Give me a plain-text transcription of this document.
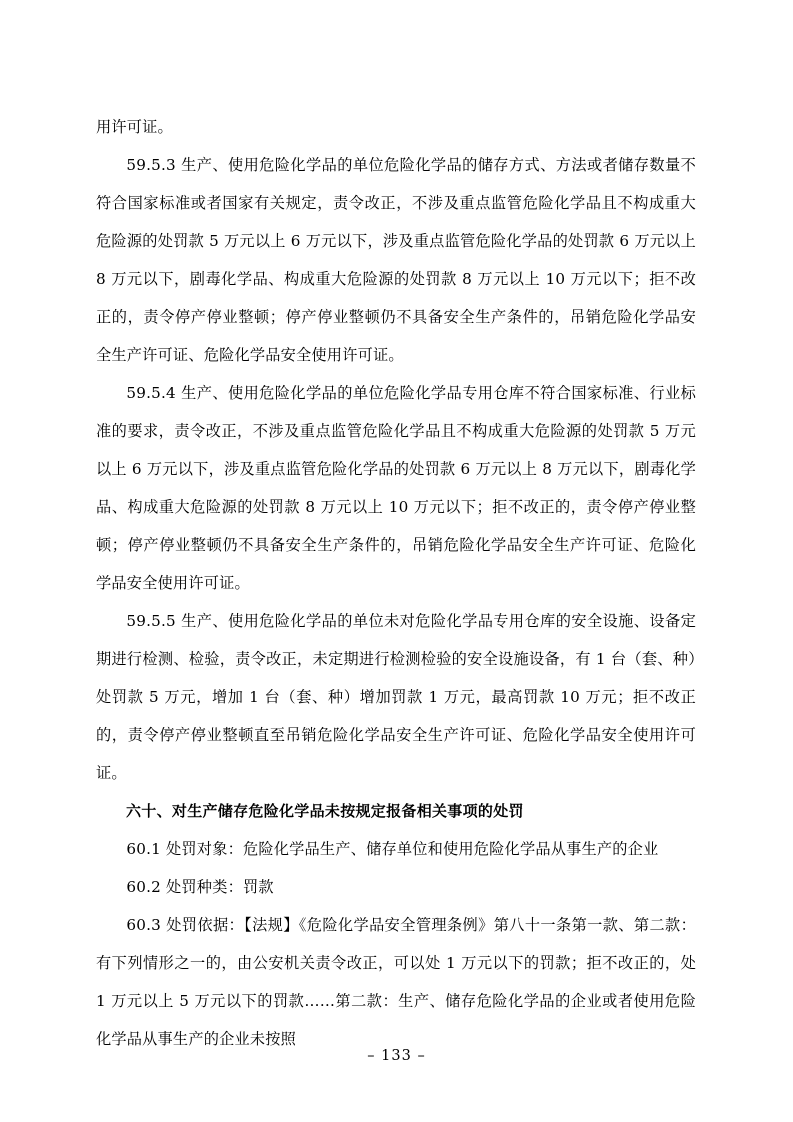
用许可证。

59.5.3 生产、使用危险化学品的单位危险化学品的储存方式、方法或者储存数量不符合国家标准或者国家有关规定，责令改正，不涉及重点监管危险化学品且不构成重大危险源的处罚款 5 万元以上 6 万元以下，涉及重点监管危险化学品的处罚款 6 万元以上 8 万元以下，剧毒化学品、构成重大危险源的处罚款 8 万元以上 10 万元以下；拒不改正的，责令停产停业整顿；停产停业整顿仍不具备安全生产条件的，吊销危险化学品安全生产许可证、危险化学品安全使用许可证。

59.5.4 生产、使用危险化学品的单位危险化学品专用仓库不符合国家标准、行业标准的要求，责令改正，不涉及重点监管危险化学品且不构成重大危险源的处罚款 5 万元以上 6 万元以下，涉及重点监管危险化学品的处罚款 6 万元以上 8 万元以下，剧毒化学品、构成重大危险源的处罚款 8 万元以上 10 万元以下；拒不改正的，责令停产停业整顿；停产停业整顿仍不具备安全生产条件的，吊销危险化学品安全生产许可证、危险化学品安全使用许可证。

59.5.5 生产、使用危险化学品的单位未对危险化学品专用仓库的安全设施、设备定期进行检测、检验，责令改正，未定期进行检测检验的安全设施设备，有 1 台（套、种）处罚款 5 万元，增加 1 台（套、种）增加罚款 1 万元，最高罚款 10 万元；拒不改正的，责令停产停业整顿直至吊销危险化学品安全生产许可证、危险化学品安全使用许可证。

六十、对生产储存危险化学品未按规定报备相关事项的处罚

60.1 处罚对象：危险化学品生产、储存单位和使用危险化学品从事生产的企业

60.2 处罚种类：罚款

60.3 处罚依据：【法规】《危险化学品安全管理条例》第八十一条第一款、第二款：有下列情形之一的，由公安机关责令改正，可以处 1 万元以下的罚款；拒不改正的，处 1 万元以上 5 万元以下的罚款……第二款：生产、储存危险化学品的企业或者使用危险化学品从事生产的企业未按照

– 133 –
